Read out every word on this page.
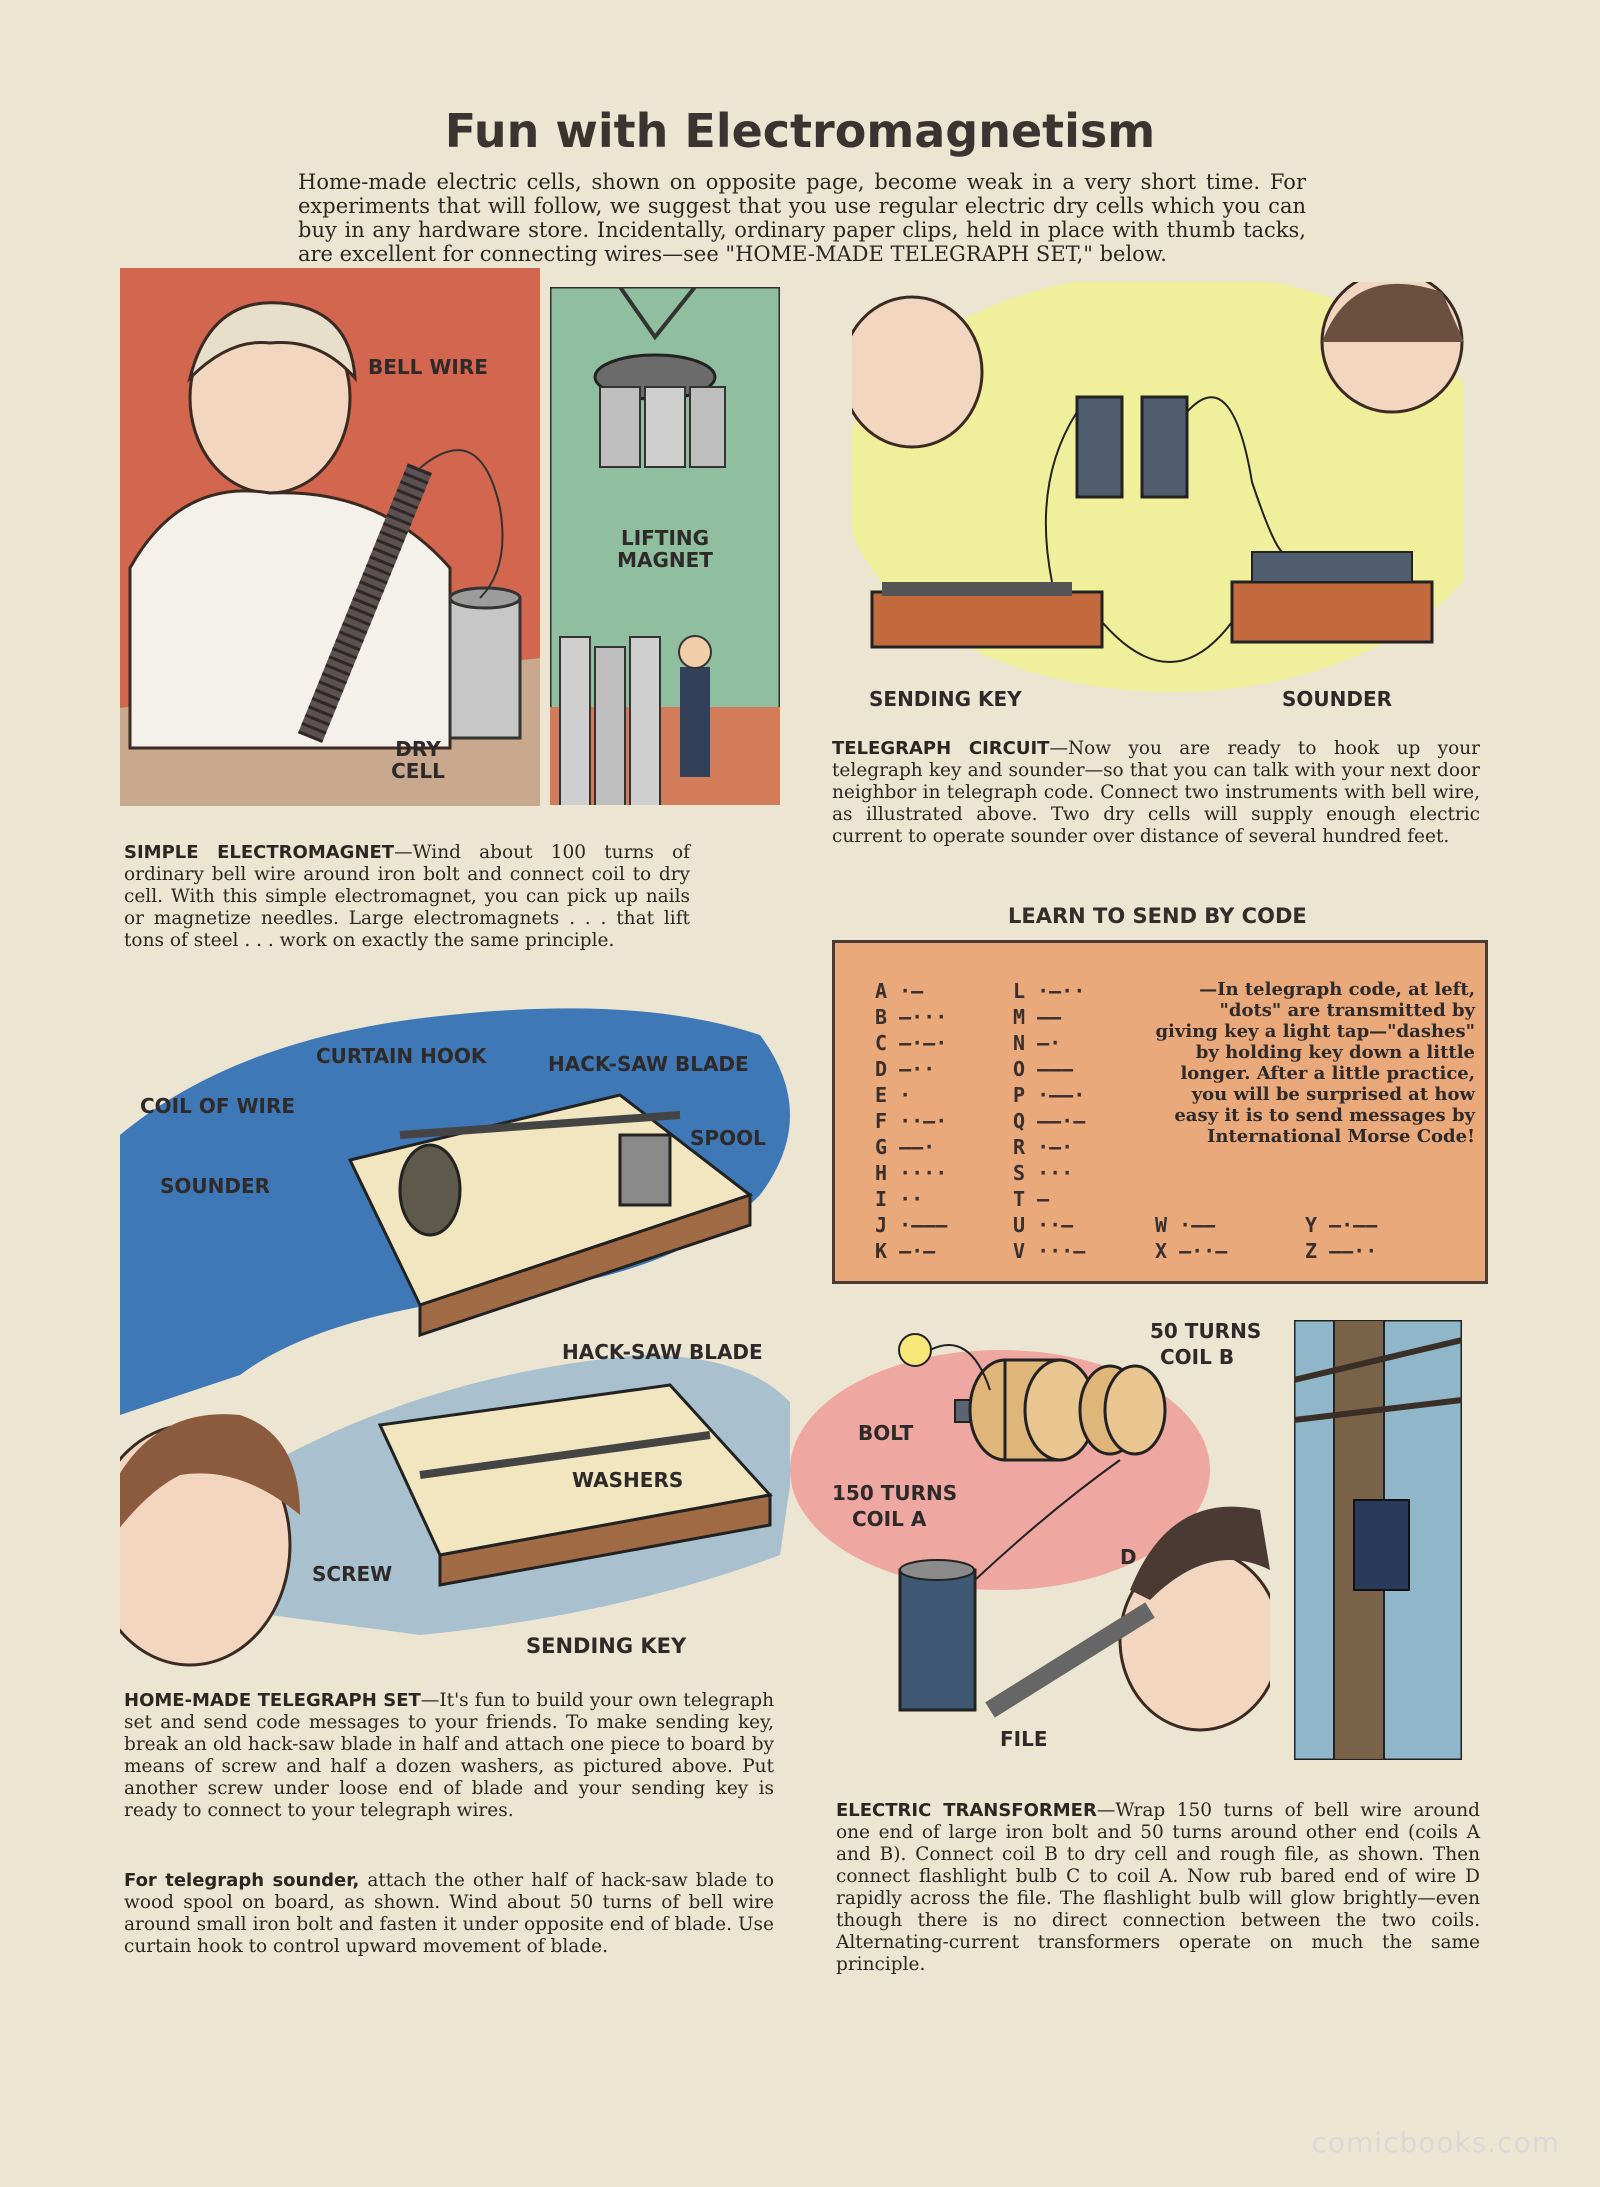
Fun with Electromagnetism
Home-made electric cells, shown on opposite page, become weak in a very short time. For experiments that will follow, we suggest that you use regular electric dry cells which you can buy in any hardware store. Incidentally, ordinary paper clips, held in place with thumb tacks, are excellent for connecting wires—see "HOME-MADE TELEGRAPH SET," below.
BELL WIRE
DRY CELL
LIFTING MAGNET
SIMPLE ELECTROMAGNET—Wind about 100 turns of ordinary bell wire around iron bolt and connect coil to dry cell. With this simple electromagnet, you can pick up nails or magnetize needles. Large electromagnets . . . that lift tons of steel . . . work on exactly the same principle.
SENDING KEY	SOUNDER
TELEGRAPH CIRCUIT—Now you are ready to hook up your telegraph key and sounder—so that you can talk with your next door neighbor in telegraph code. Connect two instruments with bell wire, as illustrated above. Two dry cells will supply enough electric current to operate sounder over distance of several hundred feet.
LEARN TO SEND BY CODE
A ·—
B —···
C —·—·
D —··
E ·
F ··—·
G ——·
H ····
I ··
J ·———
K —·—
L ·—··
M ——
N —·
O ———
P ·——·
Q ——·—
R ·—·
S ···
T —
U ··—
V ···—
W ·——
X —··—
Y —·——
Z ——··
—In telegraph code, at left, "dots" are transmitted by giving key a light tap—"dashes" by holding key down a little longer. After a little practice, you will be surprised at how easy it is to send messages by International Morse Code!
CURTAIN HOOK	HACK-SAW BLADE
COIL OF WIRE
SPOOL
SOUNDER
HACK-SAW BLADE
WASHERS
SCREW
SENDING KEY
HOME-MADE TELEGRAPH SET—It's fun to build your own telegraph set and send code messages to your friends. To make sending key, break an old hack-saw blade in half and attach one piece to board by means of screw and half a dozen washers, as pictured above. Put another screw under loose end of blade and your sending key is ready to connect to your telegraph wires.
For telegraph sounder, attach the other half of hack-saw blade to wood spool on board, as shown. Wind about 50 turns of bell wire around small iron bolt and fasten it under opposite end of blade. Use curtain hook to control upward movement of blade.
50 TURNS
COIL B
BOLT
150 TURNS
COIL A
D
FILE
ELECTRIC TRANSFORMER—Wrap 150 turns of bell wire around one end of large iron bolt and 50 turns around other end (coils A and B). Connect coil B to dry cell and rough file, as shown. Then connect flashlight bulb C to coil A. Now rub bared end of wire D rapidly across the file. The flashlight bulb will glow brightly—even though there is no direct connection between the two coils. Alternating-current transformers operate on much the same principle.
comicbooks.com
